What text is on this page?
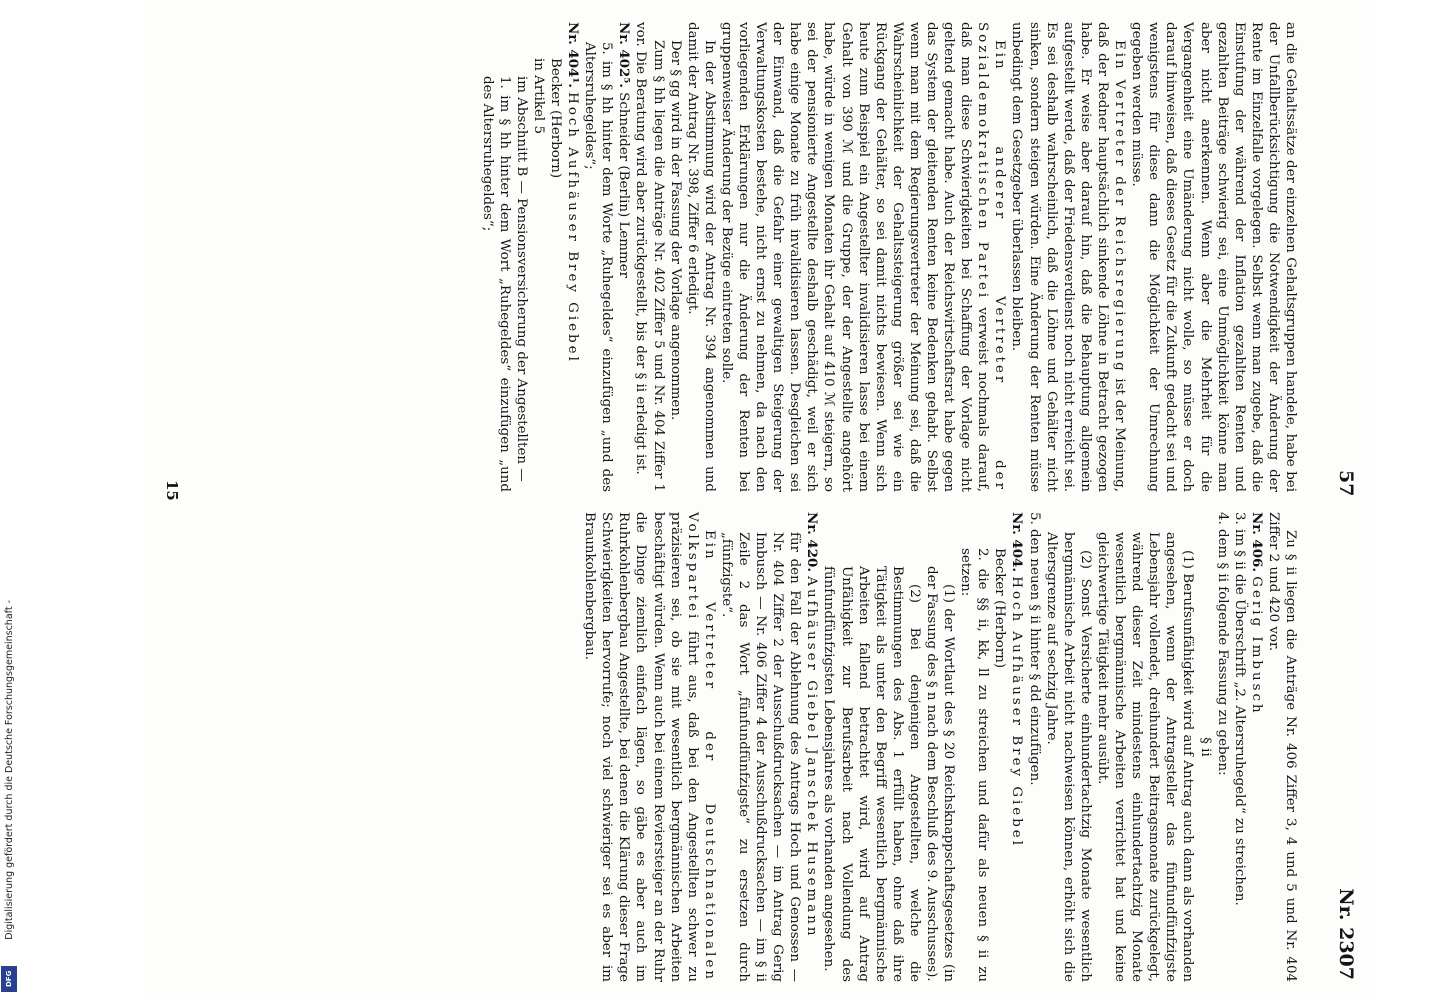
57
Nr. 2307

an die Gehaltssätze der einzelnen Gehaltsgruppen handele, habe bei der Unfallberücksichtigung die Notwendigkeit der Änderung der Rente im Einzelfalle vorgelegen. Selbst wenn man zugebe, daß die Einstufung der während der Inflation gezahlten Renten und gezahlten Beiträge schwierig sei, eine Unmöglichkeit könne man aber nicht anerkennen. Wenn aber die Mehrheit für die Vergangenheit eine Umänderung nicht wolle, so müsse er doch darauf hinweisen, daß dieses Gesetz für die Zukunft gedacht sei und wenigstens für diese dann die Möglichkeit der Umrechnung gegeben werden müsse.

Ein Vertreter der Reichsregierung ist der Meinung, daß der Redner hauptsächlich sinkende Löhne in Betracht gezogen habe. Er weise aber darauf hin, daß die Behauptung allgemein aufgestellt werde, daß der Friedensverdienst noch nicht erreicht sei. Es sei deshalb wahrscheinlich, daß die Löhne und Gehälter nicht sinken, sondern steigen würden. Eine Änderung der Renten müsse unbedingt dem Gesetzgeber überlassen bleiben.

Ein anderer Vertreter der Sozialdemokratischen Partei verweist nochmals darauf, daß man diese Schwierigkeiten bei Schaffung der Vorlage nicht geltend gemacht habe. Auch der Reichswirtschaftsrat habe gegen das System der gleitenden Renten keine Bedenken gehabt. Selbst wenn man mit dem Regierungsvertreter der Meinung sei, daß die Wahrscheinlichkeit der Gehaltssteigerung größer sei wie ein Rückgang der Gehälter, so sei damit nichts bewiesen. Wenn sich heute zum Beispiel ein Angestellter invalidisieren lasse bei einem Gehalt von 390 ℳ und die Gruppe, der der Angestellte angehört habe, würde in wenigen Monaten ihr Gehalt auf 410 ℳ steigern, so sei der pensionierte Angestellte deshalb geschädigt, weil er sich habe einige Monate zu früh invalidisieren lassen. Desgleichen sei der Einwand, daß die Gefahr einer gewaltigen Steigerung der Verwaltungskosten bestehe, nicht ernst zu nehmen, da nach den vorliegenden Erklärungen nur die Änderung der Renten bei gruppenweiser Änderung der Bezüge eintreten solle.

In der Abstimmung wird der Antrag Nr. 394 angenommen und damit der Antrag Nr. 398, Ziffer 6 erledigt.

Der § gg wird in der Fassung der Vorlage angenommen.

Zum § hh liegen die Anträge Nr. 402 Ziffer 5 und Nr. 404 Ziffer 1 vor. Die Beratung wird aber zurückgestellt, bis der § ii erledigt ist.

Nr. 402⁵. Schneider (Berlin) Lemmer

5. im § hh hinter dem Worte „Ruhegeldes“ einzufügen „und des Altersruhegeldes“;

Nr. 404¹. Hoch Aufhäuser Brey Giebel

Becker (Herborn)

in Artikel 5

im Abschnitt B — Pensionsversicherung der Angestellten —

1. im § hh hinter dem Wort „Ruhegeldes“ einzufügen „und des Altersruhegeldes“;

Zu § ii liegen die Anträge Nr. 406 Ziffer 3, 4 und 5 und Nr. 404 Ziffer 2 und 420 vor.

Nr. 406. Gerig Imbusch

3. im § ii die Überschrift „2. Altersruhegeld“ zu streichen.

4. dem § ii folgende Fassung zu geben:

§ ii

(1) Berufsunfähigkeit wird auf Antrag auch dann als vorhanden angesehen, wenn der Antragsteller das fünfundfünfzigste Lebensjahr vollendet, dreihundert Beitragsmonate zurückgelegt, während dieser Zeit mindestens einhundertachtzig Monate wesentlich bergmännische Arbeiten verrichtet hat und keine gleichwertige Tätigkeit mehr ausübt.

(2) Sonst Versicherte einhundertachtzig Monate wesentlich bergmännische Arbeit nicht nachweisen können, erhöht sich die Altersgrenze auf sechzig Jahre.

5. den neuen § ii hinter § dd einzufügen.

Nr. 404. Hoch Aufhäuser Brey Giebel

Becker (Herborn)

2. die §§ ii, kk, ll zu streichen und dafür als neuen § ii zu setzen:

(1) der Wortlaut des § 20 Reichsknappschaftsgesetzes (in der Fassung des § n nach dem Beschluß des 9. Ausschusses).

(2) Bei denjenigen Angestellten, welche die Bestimmungen des Abs. 1 erfüllt haben, ohne daß ihre Tätigkeit als unter den Begriff wesentlich bergmännische Arbeiten fallend betrachtet wird, wird auf Antrag Unfähigkeit zur Berufsarbeit nach Vollendung des fünfundfünfzigsten Lebensjahres als vorhanden angesehen.

Nr. 420. Aufhäuser Giebel Janschek Husemann

für den Fall der Ablehnung des Antrags Hoch und Genossen — Nr. 404 Ziffer 2 der Ausschußdrucksachen — im Antrag Gerig Imbusch — Nr. 406 Ziffer 4 der Ausschußdrucksachen — im § ii Zeile 2 das Wort „fünfundfünfzigste“ zu ersetzen durch „fünfzigste“.

Ein Vertreter der Deutschnationalen Volkspartei führt aus, daß bei den Angestellten schwer zu präzisieren sei, ob sie mit wesentlich bergmännischen Arbeiten beschäftigt würden. Wenn auch bei einem Reviersteiger an der Ruhr die Dinge ziemlich einfach lägen, so gäbe es aber auch im Ruhrkohlenbergbau Angestellte, bei denen die Klärung dieser Frage Schwierigkeiten hervorrufe; noch viel schwieriger sei es aber im Braunkohlenbergbau.

15
Digitalisierung gefördert durch die Deutsche Forschungsgemeinschaft -
DFG
